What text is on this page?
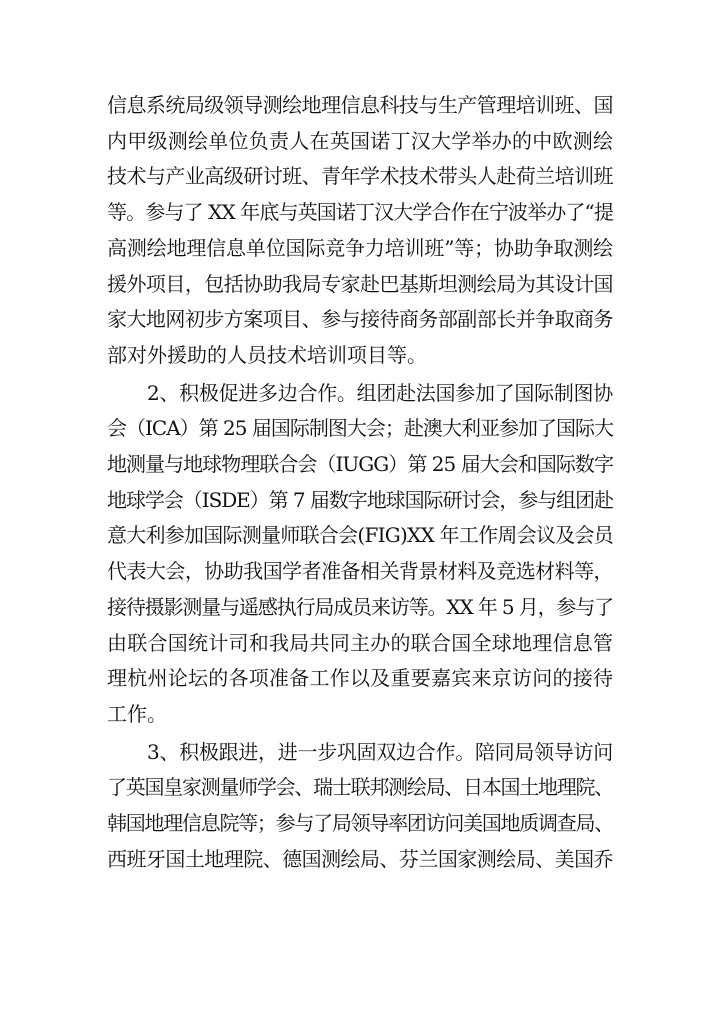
信息系统局级领导测绘地理信息科技与生产管理培训班、国
内甲级测绘单位负责人在英国诺丁汉大学举办的中欧测绘
技术与产业高级研讨班、青年学术技术带头人赴荷兰培训班
等。参与了 XX 年底与英国诺丁汉大学合作在宁波举办了“提
高测绘地理信息单位国际竞争力培训班”等；协助争取测绘
援外项目，包括协助我局专家赴巴基斯坦测绘局为其设计国
家大地网初步方案项目、参与接待商务部副部长并争取商务
部对外援助的人员技术培训项目等。
2、积极促进多边合作。组团赴法国参加了国际制图协
会（ICA）第 25 届国际制图大会；赴澳大利亚参加了国际大
地测量与地球物理联合会（IUGG）第 25 届大会和国际数字
地球学会（ISDE）第 7 届数字地球国际研讨会，参与组团赴
意大利参加国际测量师联合会(FIG)XX 年工作周会议及会员
代表大会，协助我国学者准备相关背景材料及竞选材料等，
接待摄影测量与遥感执行局成员来访等。XX 年 5 月，参与了
由联合国统计司和我局共同主办的联合国全球地理信息管
理杭州论坛的各项准备工作以及重要嘉宾来京访问的接待
工作。
3、积极跟进，进一步巩固双边合作。陪同局领导访问
了英国皇家测量师学会、瑞士联邦测绘局、日本国土地理院、
韩国地理信息院等；参与了局领导率团访问美国地质调查局、
西班牙国土地理院、德国测绘局、芬兰国家测绘局、美国乔
